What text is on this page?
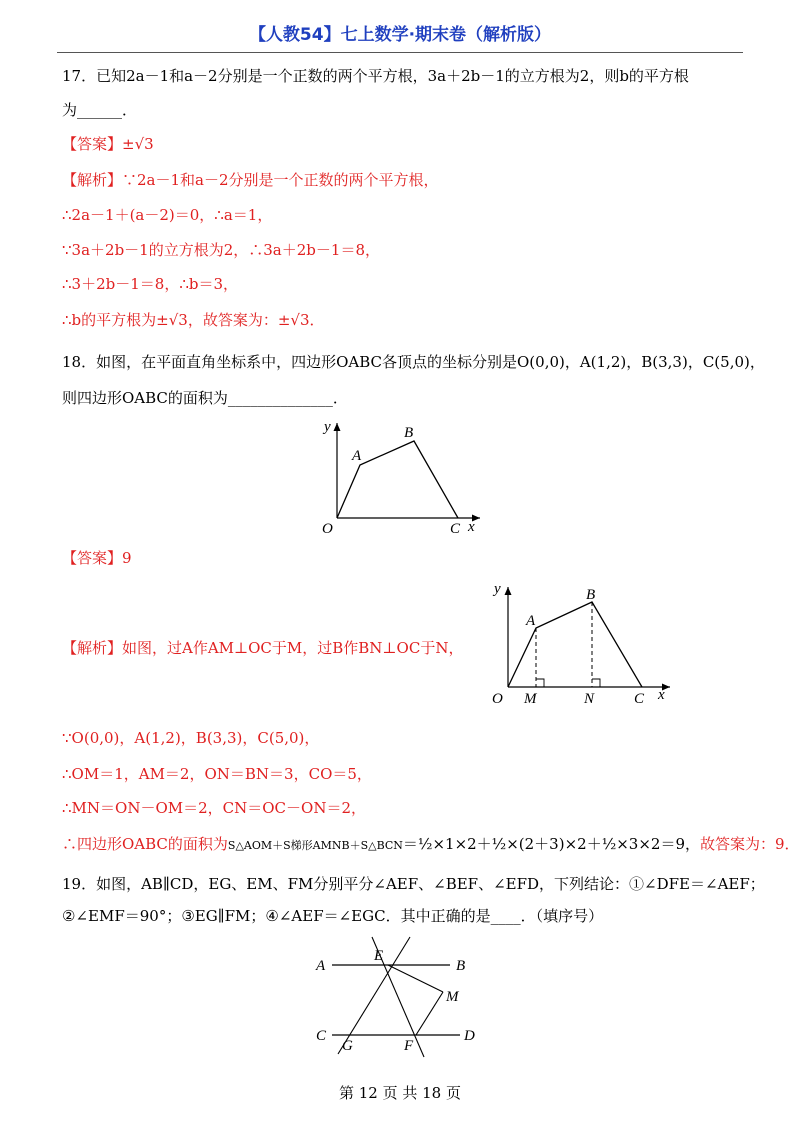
【人教54】七上数学·期末卷（解析版）
17．已知2a－1和a－2分别是一个正数的两个平方根，3a＋2b－1的立方根为2，则b的平方根
为______．
【答案】±√3
【解析】∵2a－1和a－2分别是一个正数的两个平方根，
∴2a－1＋(a－2)＝0，∴a＝1，
∵3a＋2b－1的立方根为2，∴3a＋2b－1＝8，
∴3＋2b－1＝8，∴b＝3，
∴b的平方根为±√3，故答案为：±√3．
18．如图，在平面直角坐标系中，四边形OABC各顶点的坐标分别是O(0,0)，A(1,2)，B(3,3)，C(5,0)，
则四边形OABC的面积为______________．
y
A
B
O	C x
【答案】9
【解析】如图，过A作AM⊥OC于M，过B作BN⊥OC于N，
y
A
B
O M	N	C x
∵O(0,0)，A(1,2)，B(3,3)，C(5,0)，
∴OM＝1，AM＝2，ON＝BN＝3，CO＝5，
∴MN＝ON－OM＝2，CN＝OC－ON＝2，
∴四边形OABC的面积为S△AOM＋S梯形AMNB＋S△BCN＝½×1×2＋½×(2＋3)×2＋½×3×2＝9，故答案为：9．
19．如图，AB∥CD，EG、EM、FM分别平分∠AEF、∠BEF、∠EFD，下列结论：①∠DFE＝∠AEF；
②∠EMF＝90°；③EG∥FM；④∠AEF＝∠EGC．其中正确的是____．（填序号）
A
E
B
M
C
G	F
D
第 12 页 共 18 页
